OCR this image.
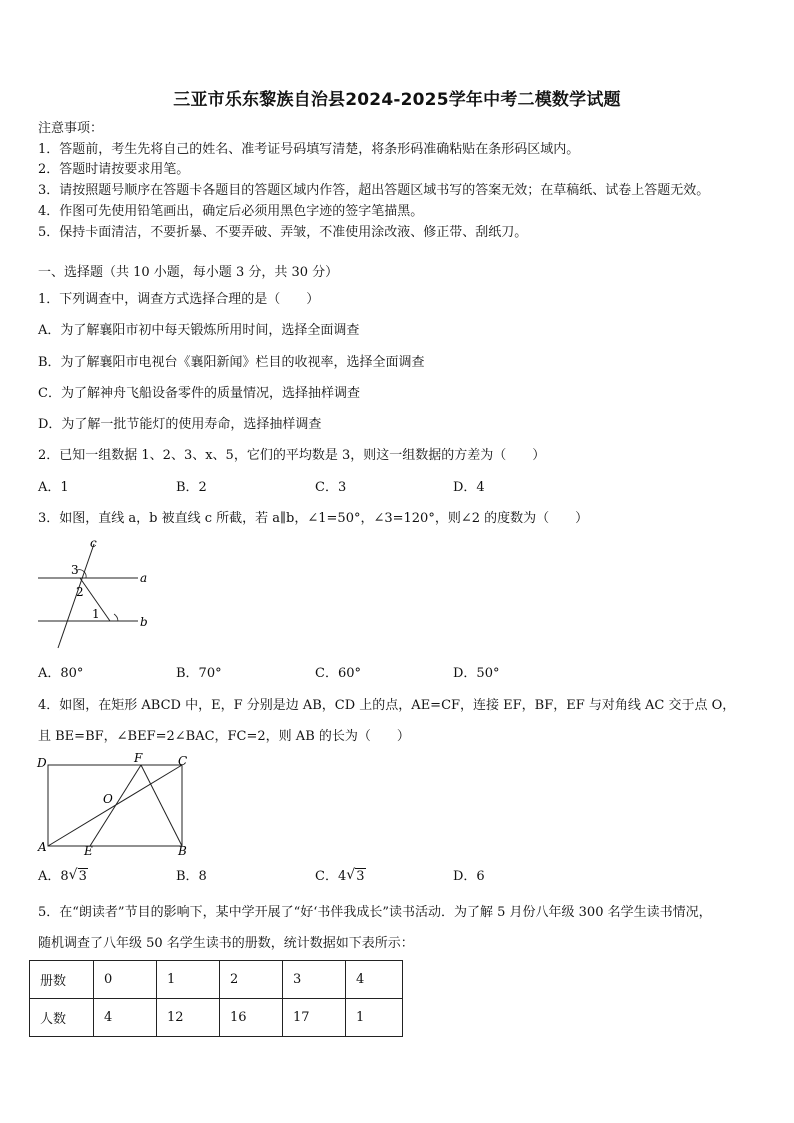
三亚市乐东黎族自治县2024-2025学年中考二模数学试题
注意事项：
1．答题前，考生先将自己的姓名、准考证号码填写清楚，将条形码准确粘贴在条形码区域内。
2．答题时请按要求用笔。
3．请按照题号顺序在答题卡各题目的答题区域内作答，超出答题区域书写的答案无效；在草稿纸、试卷上答题无效。
4．作图可先使用铅笔画出，确定后必须用黑色字迹的签字笔描黑。
5．保持卡面清洁，不要折暴、不要弄破、弄皱，不准使用涂改液、修正带、刮纸刀。
一、选择题（共 10 小题，每小题 3 分，共 30 分）
1．下列调查中，调查方式选择合理的是（　　）
A．为了解襄阳市初中每天锻炼所用时间，选择全面调查
B．为了解襄阳市电视台《襄阳新闻》栏目的收视率，选择全面调查
C．为了解神舟飞船设备零件的质量情况，选择抽样调查
D．为了解一批节能灯的使用寿命，选择抽样调查
2．已知一组数据 1、2、3、x、5，它们的平均数是 3，则这一组数据的方差为（　　）
A．1	B．2	C．3	D．4
3．如图，直线 a，b 被直线 c 所截，若 a∥b，∠1=50°，∠3=120°，则∠2 的度数为（　　）
c
a
b
3
2
1
A．80°	B．70°	C．60°	D．50°
4．如图，在矩形 ABCD 中，E，F 分别是边 AB，CD 上的点，AE=CF，连接 EF，BF，EF 与对角线 AC 交于点 O，
且 BE=BF，∠BEF=2∠BAC，FC=2，则 AB 的长为（　　）
D	F	C
O
A	E	B
A．8 √ 3	B．8	C．4 √ 3	D．6
5．在“朗读者”节目的影响下，某中学开展了“好‘书伴我成长”读书活动．为了解 5 月份八年级 300 名学生读书情况，
随机调查了八年级 50 名学生读书的册数，统计数据如下表所示：
册数	0	1	2	3	4
人数	4	12	16	17	1
